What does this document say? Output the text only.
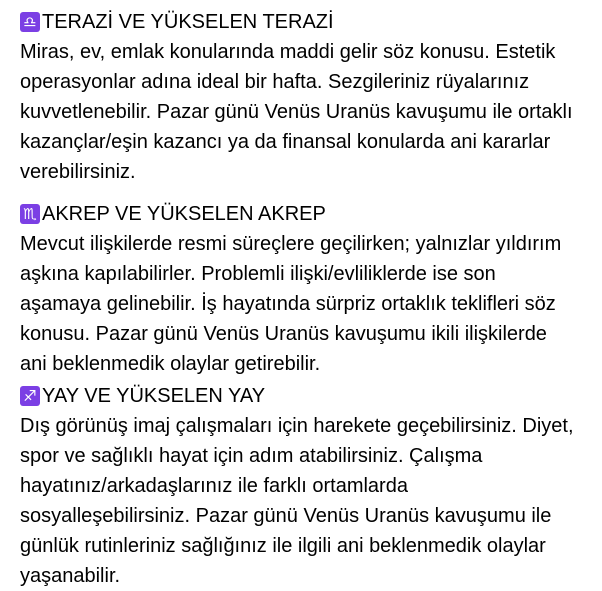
♎ TERAZİ VE YÜKSELEN TERAZİ
Miras, ev, emlak konularında maddi gelir söz konusu. Estetik
operasyonlar adına ideal bir hafta. Sezgileriniz rüyalarınız
kuvvetlenebilir. Pazar günü Venüs Uranüs kavuşumu ile ortaklı
kazançlar/eşin kazancı ya da finansal konularda ani kararlar
verebilirsiniz.
♏ AKREP VE YÜKSELEN AKREP
Mevcut ilişkilerde resmi süreçlere geçilirken; yalnızlar yıldırım
aşkına kapılabilirler. Problemli ilişki/evliliklerde ise son
aşamaya gelinebilir. İş hayatında sürpriz ortaklık teklifleri söz
konusu. Pazar günü Venüs Uranüs kavuşumu ikili ilişkilerde
ani beklenmedik olaylar getirebilir.
♐ YAY VE YÜKSELEN YAY
Dış görünüş imaj çalışmaları için harekete geçebilirsiniz. Diyet,
spor ve sağlıklı hayat için adım atabilirsiniz. Çalışma
hayatınız/arkadaşlarınız ile farklı ortamlarda
sosyalleşebilirsiniz. Pazar günü Venüs Uranüs kavuşumu ile
günlük rutinleriniz sağlığınız ile ilgili ani beklenmedik olaylar
yaşanabilir.
